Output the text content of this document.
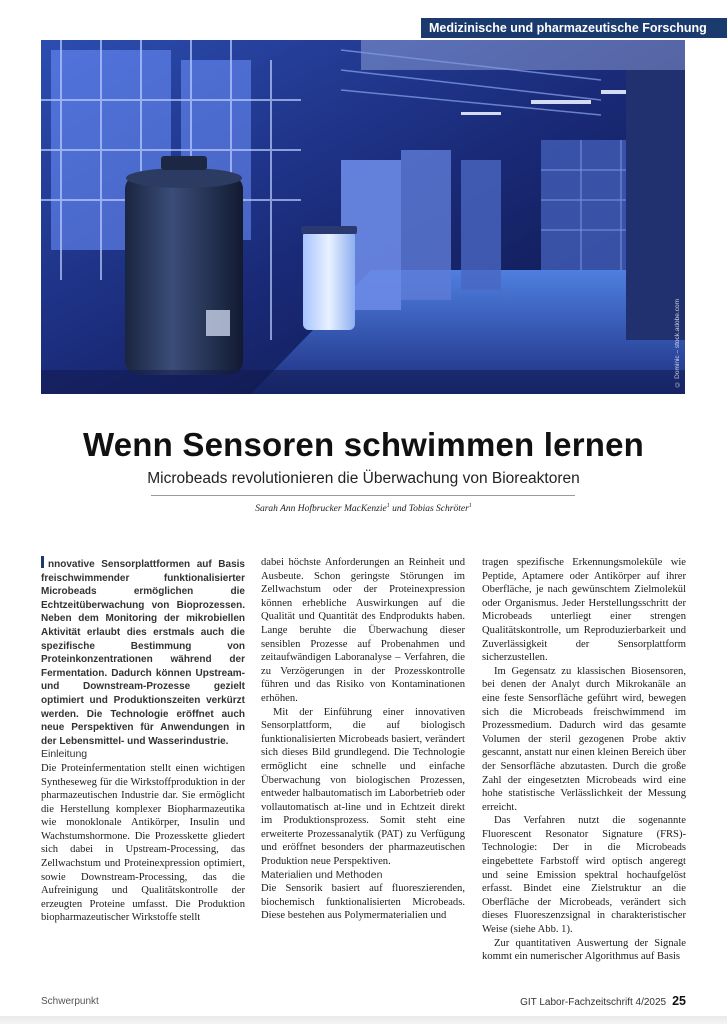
Medizinische und pharmazeutische Forschung
© Dominic – stock.adobe.com
Wenn Sensoren schwimmen lernen
Microbeads revolutionieren die Überwachung von Bioreaktoren
Sarah Ann Hofbrucker MacKenzie$^1$ und Tobias Schröter$^1$

nnovative Sensorplattformen auf Basis freischwimmender funktionalisierter Microbeads ermöglichen die Echtzeitüberwachung von Bioprozessen. Neben dem Monitoring der mikrobiellen Aktivität erlaubt dies erstmals auch die spezifische Bestimmung von Proteinkonzentrationen während der Fermentation. Dadurch können Upstream- und Downstream-Prozesse gezielt optimiert und Produktionszeiten verkürzt werden. Die Technologie eröffnet auch neue Perspektiven für Anwendungen in der Lebensmittel- und Wasserindustrie.

Einleitung

Die Proteinfermentation stellt einen wichtigen Syntheseweg für die Wirkstoffproduktion in der pharmazeutischen Industrie dar. Sie ermöglicht die Herstellung komplexer Biopharmazeutika wie monoklonale Antikörper, Insulin und Wachstumshormone. Die Prozesskette gliedert sich dabei in Upstream-Processing, das Zellwachstum und Proteinexpression optimiert, sowie Downstream-Processing, das die Aufreinigung und Qualitätskontrolle der erzeugten Proteine umfasst. Die Produktion biopharmazeutischer Wirkstoffe stellt

dabei höchste Anforderungen an Reinheit und Ausbeute. Schon geringste Störungen im Zellwachstum oder der Proteinexpression können erhebliche Auswirkungen auf die Qualität und Quantität des Endprodukts haben. Lange beruhte die Überwachung dieser sensiblen Prozesse auf Probenahmen und zeitaufwändigen Laboranalyse – Verfahren, die zu Verzögerungen in der Prozesskontrolle führen und das Risiko von Kontaminationen erhöhen.

Mit der Einführung einer innovativen Sensorplattform, die auf biologisch funktionalisierten Microbeads basiert, verändert sich dieses Bild grundlegend. Die Technologie ermöglicht eine schnelle und einfache Überwachung von biologischen Prozessen, entweder halbautomatisch im Laborbetrieb oder vollautomatisch at-line und in Echtzeit direkt im Produktionsprozess. Somit steht eine erweiterte Prozessanalytik (PAT) zu Verfügung und eröffnet besonders der pharmazeutischen Produktion neue Perspektiven.

Materialien und Methoden

Die Sensorik basiert auf fluoreszierenden, biochemisch funktionalisierten Microbeads. Diese bestehen aus Polymermaterialien und

tragen spezifische Erkennungsmoleküle wie Peptide, Aptamere oder Antikörper auf ihrer Oberfläche, je nach gewünschtem Zielmolekül oder Organismus. Jeder Herstellungsschritt der Microbeads unterliegt einer strengen Qualitätskontrolle, um Reproduzierbarkeit und Zuverlässigkeit der Sensorplattform sicherzustellen.

Im Gegensatz zu klassischen Biosensoren, bei denen der Analyt durch Mikrokanäle an eine feste Sensorfläche geführt wird, bewegen sich die Microbeads freischwimmend im Prozessmedium. Dadurch wird das gesamte Volumen der steril gezogenen Probe aktiv gescannt, anstatt nur einen kleinen Bereich über der Sensorfläche abzutasten. Durch die große Zahl der eingesetzten Microbeads wird eine hohe statistische Verlässlichkeit der Messung erreicht.

Das Verfahren nutzt die sogenannte Fluorescent Resonator Signature (FRS)-Technologie: Der in die Microbeads eingebettete Farbstoff wird optisch angeregt und seine Emission spektral hochaufgelöst erfasst. Bindet eine Zielstruktur an die Oberfläche der Microbeads, verändert sich dieses Fluoreszenzsignal in charakteristischer Weise (siehe Abb. 1).

Zur quantitativen Auswertung der Signale kommt ein numerischer Algorithmus auf Basis

Schwerpunkt	GIT Labor-Fachzeitschrift 4/2025 25
